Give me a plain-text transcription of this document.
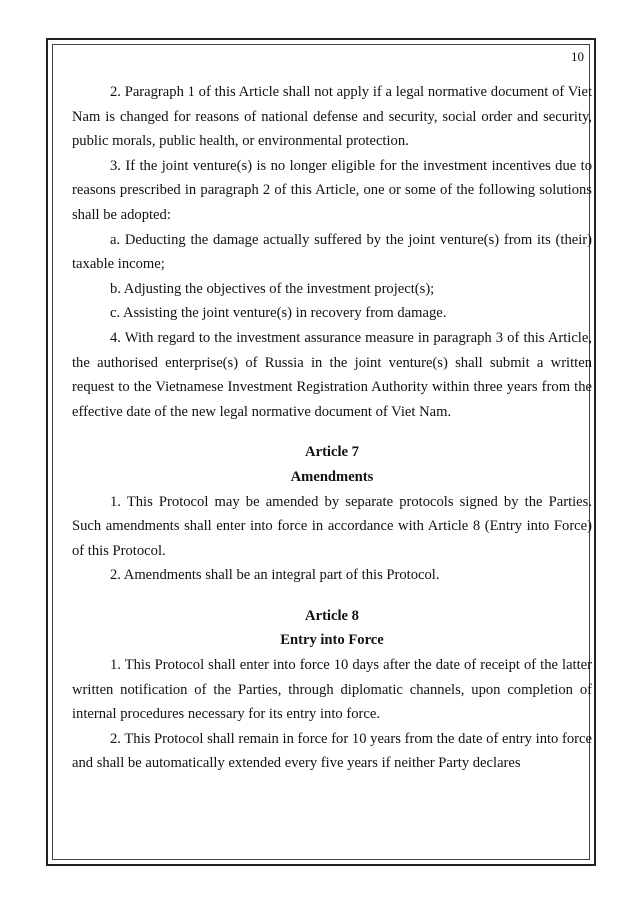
10

2. Paragraph 1 of this Article shall not apply if a legal normative document of Viet Nam is changed for reasons of national defense and security, social order and security, public morals, public health, or environmental protection.

3. If the joint venture(s) is no longer eligible for the investment incentives due to reasons prescribed in paragraph 2 of this Article, one or some of the following solutions shall be adopted:

a. Deducting the damage actually suffered by the joint venture(s) from its (their) taxable income;

b. Adjusting the objectives of the investment project(s);

c. Assisting the joint venture(s) in recovery from damage.

4. With regard to the investment assurance measure in paragraph 3 of this Article, the authorised enterprise(s) of Russia in the joint venture(s) shall submit a written request to the Vietnamese Investment Registration Authority within three years from the effective date of the new legal normative document of Viet Nam.

Article 7

Amendments

1. This Protocol may be amended by separate protocols signed by the Parties. Such amendments shall enter into force in accordance with Article 8 (Entry into Force) of this Protocol.

2. Amendments shall be an integral part of this Protocol.

Article 8

Entry into Force

1. This Protocol shall enter into force 10 days after the date of receipt of the latter written notification of the Parties, through diplomatic channels, upon completion of internal procedures necessary for its entry into force.

2. This Protocol shall remain in force for 10 years from the date of entry into force and shall be automatically extended every five years if neither Party declares
